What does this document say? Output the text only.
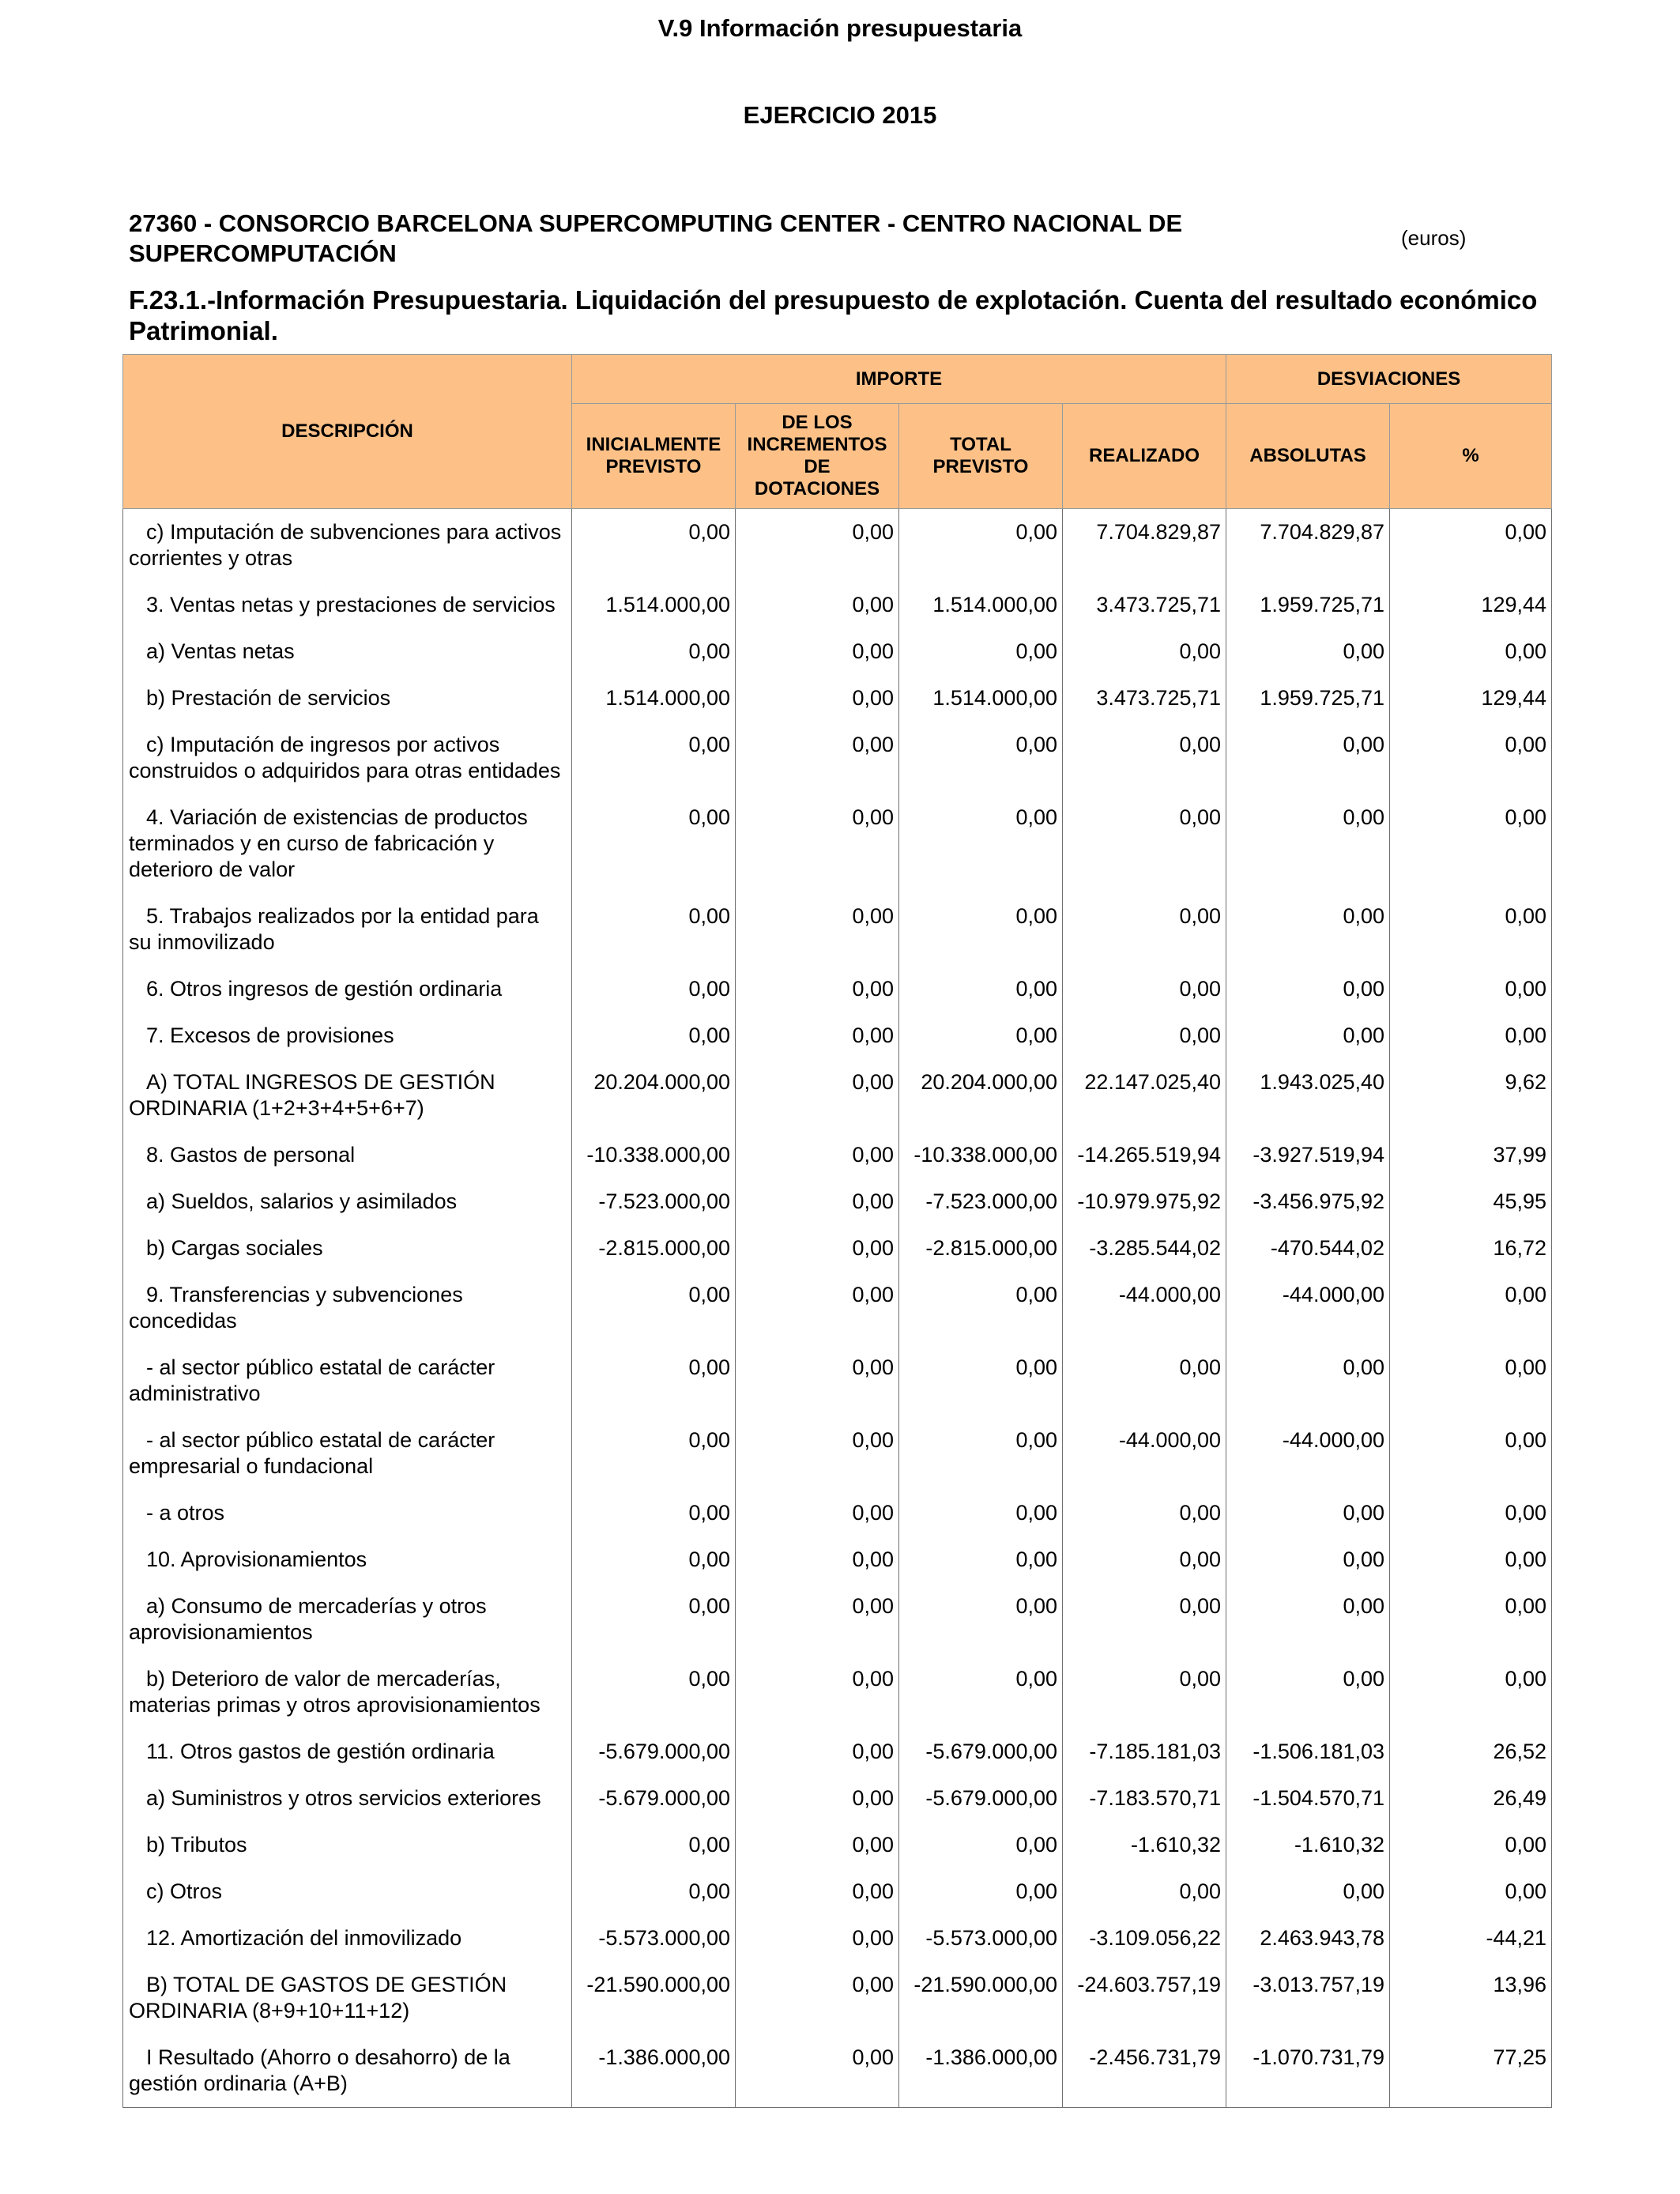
V.9 Información presupuestaria
EJERCICIO 2015
27360 - CONSORCIO BARCELONA SUPERCOMPUTING CENTER - CENTRO NACIONAL DE SUPERCOMPUTACIÓN
(euros)
F.23.1.-Información Presupuestaria. Liquidación del presupuesto de explotación. Cuenta del resultado económico Patrimonial.
DESCRIPCIÓN	IMPORTE				DESVIACIONES	
	INICIALMENTE PREVISTO	DE LOS INCREMENTOS DE DOTACIONES	TOTAL PREVISTO	REALIZADO	ABSOLUTAS	%
c) Imputación de subvenciones para activos corrientes y otras	0,00	0,00	0,00	7.704.829,87	7.704.829,87	0,00
3. Ventas netas y prestaciones de servicios	1.514.000,00	0,00	1.514.000,00	3.473.725,71	1.959.725,71	129,44
a) Ventas netas	0,00	0,00	0,00	0,00	0,00	0,00
b) Prestación de servicios	1.514.000,00	0,00	1.514.000,00	3.473.725,71	1.959.725,71	129,44
c) Imputación de ingresos por activos construidos o adquiridos para otras entidades	0,00	0,00	0,00	0,00	0,00	0,00
4. Variación de existencias de productos terminados y en curso de fabricación y deterioro de valor	0,00	0,00	0,00	0,00	0,00	0,00
5. Trabajos realizados por la entidad para su inmovilizado	0,00	0,00	0,00	0,00	0,00	0,00
6. Otros ingresos de gestión ordinaria	0,00	0,00	0,00	0,00	0,00	0,00
7. Excesos de provisiones	0,00	0,00	0,00	0,00	0,00	0,00
A) TOTAL INGRESOS DE GESTIÓN ORDINARIA (1+2+3+4+5+6+7)	20.204.000,00	0,00	20.204.000,00	22.147.025,40	1.943.025,40	9,62
8. Gastos de personal	-10.338.000,00	0,00	-10.338.000,00	-14.265.519,94	-3.927.519,94	37,99
a) Sueldos, salarios y asimilados	-7.523.000,00	0,00	-7.523.000,00	-10.979.975,92	-3.456.975,92	45,95
b) Cargas sociales	-2.815.000,00	0,00	-2.815.000,00	-3.285.544,02	-470.544,02	16,72
9. Transferencias y subvenciones concedidas	0,00	0,00	0,00	-44.000,00	-44.000,00	0,00
- al sector público estatal de carácter administrativo	0,00	0,00	0,00	0,00	0,00	0,00
- al sector público estatal de carácter empresarial o fundacional	0,00	0,00	0,00	-44.000,00	-44.000,00	0,00
- a otros	0,00	0,00	0,00	0,00	0,00	0,00
10. Aprovisionamientos	0,00	0,00	0,00	0,00	0,00	0,00
a) Consumo de mercaderías y otros aprovisionamientos	0,00	0,00	0,00	0,00	0,00	0,00
b) Deterioro de valor de mercaderías, materias primas y otros aprovisionamientos	0,00	0,00	0,00	0,00	0,00	0,00
11. Otros gastos de gestión ordinaria	-5.679.000,00	0,00	-5.679.000,00	-7.185.181,03	-1.506.181,03	26,52
a) Suministros y otros servicios exteriores	-5.679.000,00	0,00	-5.679.000,00	-7.183.570,71	-1.504.570,71	26,49
b) Tributos	0,00	0,00	0,00	-1.610,32	-1.610,32	0,00
c) Otros	0,00	0,00	0,00	0,00	0,00	0,00
12. Amortización del inmovilizado	-5.573.000,00	0,00	-5.573.000,00	-3.109.056,22	2.463.943,78	-44,21
B) TOTAL DE GASTOS DE GESTIÓN ORDINARIA (8+9+10+11+12)	-21.590.000,00	0,00	-21.590.000,00	-24.603.757,19	-3.013.757,19	13,96
I Resultado (Ahorro o desahorro) de la gestión ordinaria (A+B)	-1.386.000,00	0,00	-1.386.000,00	-2.456.731,79	-1.070.731,79	77,25
